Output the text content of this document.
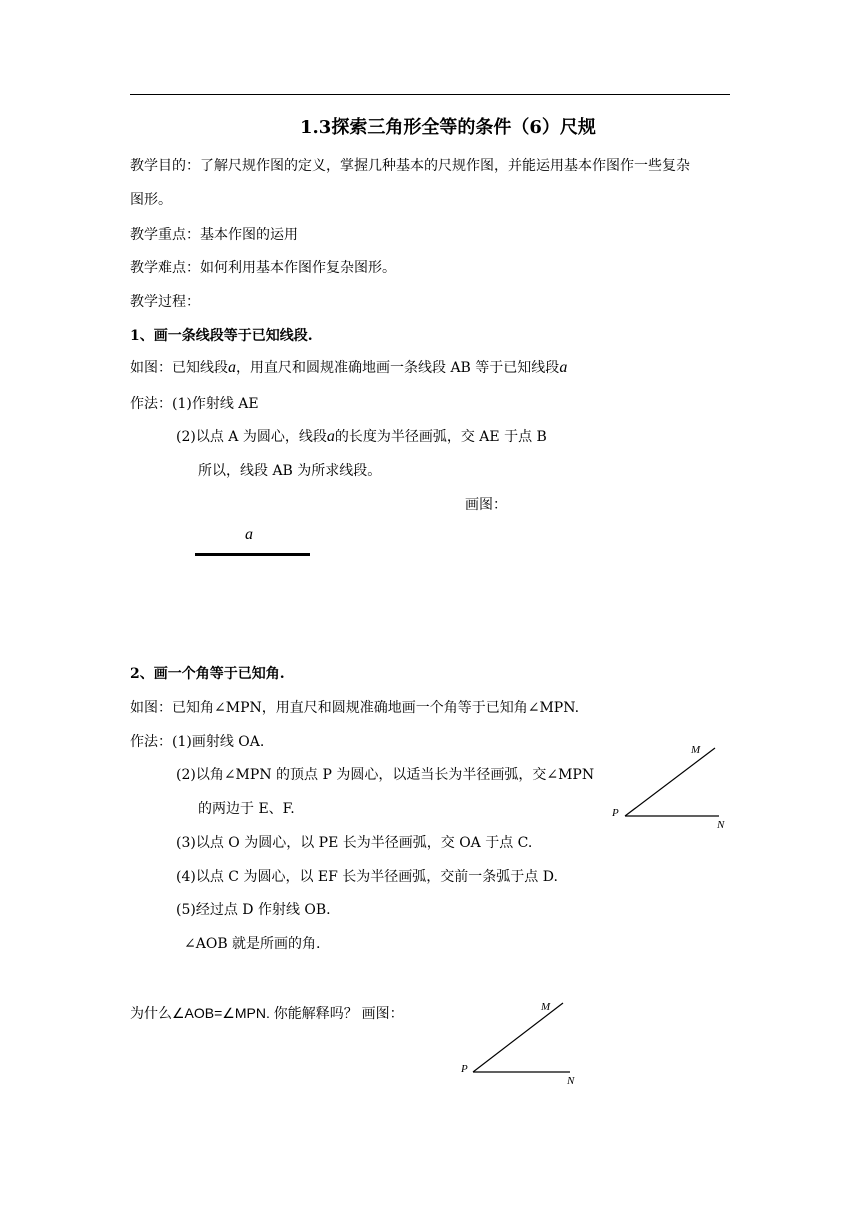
1.3探索三角形全等的条件（6）尺规
教学目的：了解尺规作图的定义，掌握几种基本的尺规作图，并能运用基本作图作一些复杂
图形。
教学重点：基本作图的运用
教学难点：如何利用基本作图作复杂图形。
教学过程：
1、画一条线段等于已知线段.
如图：已知线段a，用直尺和圆规准确地画一条线段 AB 等于已知线段a
作法：(1)作射线 AE
(2)以点 A 为圆心，线段a的长度为半径画弧，交 AE 于点 B
所以，线段 AB 为所求线段。
画图：
a
2、画一个角等于已知角.
如图：已知角∠MPN，用直尺和圆规准确地画一个角等于已知角∠MPN.
作法：(1)画射线 OA.
(2)以角∠MPN 的顶点 P 为圆心，以适当长为半径画弧，交∠MPN
的两边于 E、F.
(3)以点 O 为圆心，以 PE 长为半径画弧，交 OA 于点 C.
(4)以点 C 为圆心，以 EF 长为半径画弧，交前一条弧于点 D.
(5)经过点 D 作射线 OB.
∠AOB 就是所画的角.
M
P
N
为什么∠AOB=∠MPN. 你能解释吗？ 画图：	M
P
N
